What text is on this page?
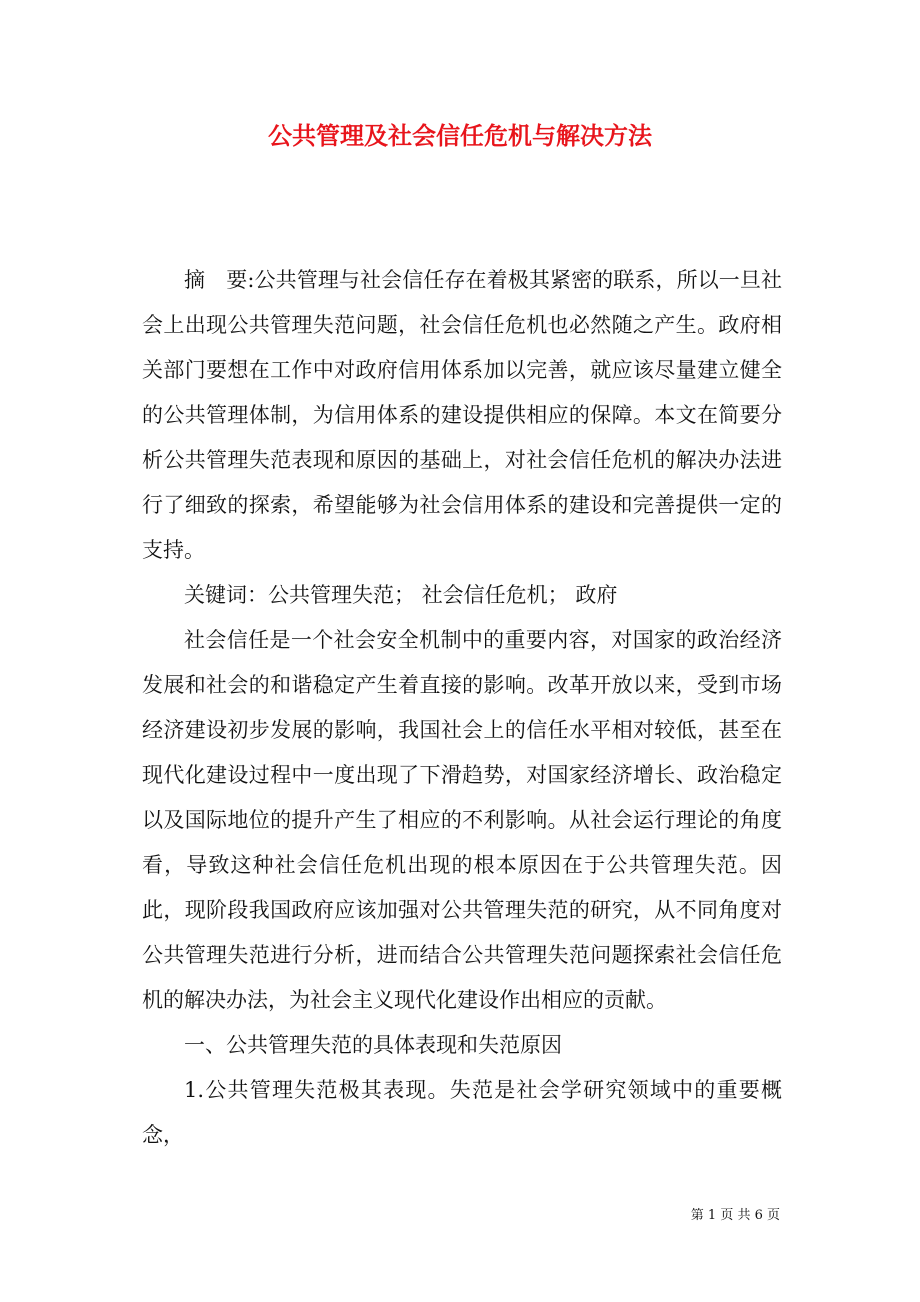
公共管理及社会信任危机与解决方法

摘 要:公共管理与社会信任存在着极其紧密的联系，所以一旦社会上出现公共管理失范问题，社会信任危机也必然随之产生。政府相关部门要想在工作中对政府信用体系加以完善，就应该尽量建立健全的公共管理体制，为信用体系的建设提供相应的保障。本文在简要分析公共管理失范表现和原因的基础上，对社会信任危机的解决办法进行了细致的探索，希望能够为社会信用体系的建设和完善提供一定的支持。

关键词：公共管理失范； 社会信任危机； 政府

社会信任是一个社会安全机制中的重要内容，对国家的政治经济发展和社会的和谐稳定产生着直接的影响。改革开放以来，受到市场经济建设初步发展的影响，我国社会上的信任水平相对较低，甚至在现代化建设过程中一度出现了下滑趋势，对国家经济增长、政治稳定以及国际地位的提升产生了相应的不利影响。从社会运行理论的角度看，导致这种社会信任危机出现的根本原因在于公共管理失范。因此，现阶段我国政府应该加强对公共管理失范的研究，从不同角度对公共管理失范进行分析，进而结合公共管理失范问题探索社会信任危机的解决办法，为社会主义现代化建设作出相应的贡献。

一、公共管理失范的具体表现和失范原因

1.公共管理失范极其表现。失范是社会学研究领域中的重要概念，

第 1 页 共 6 页
